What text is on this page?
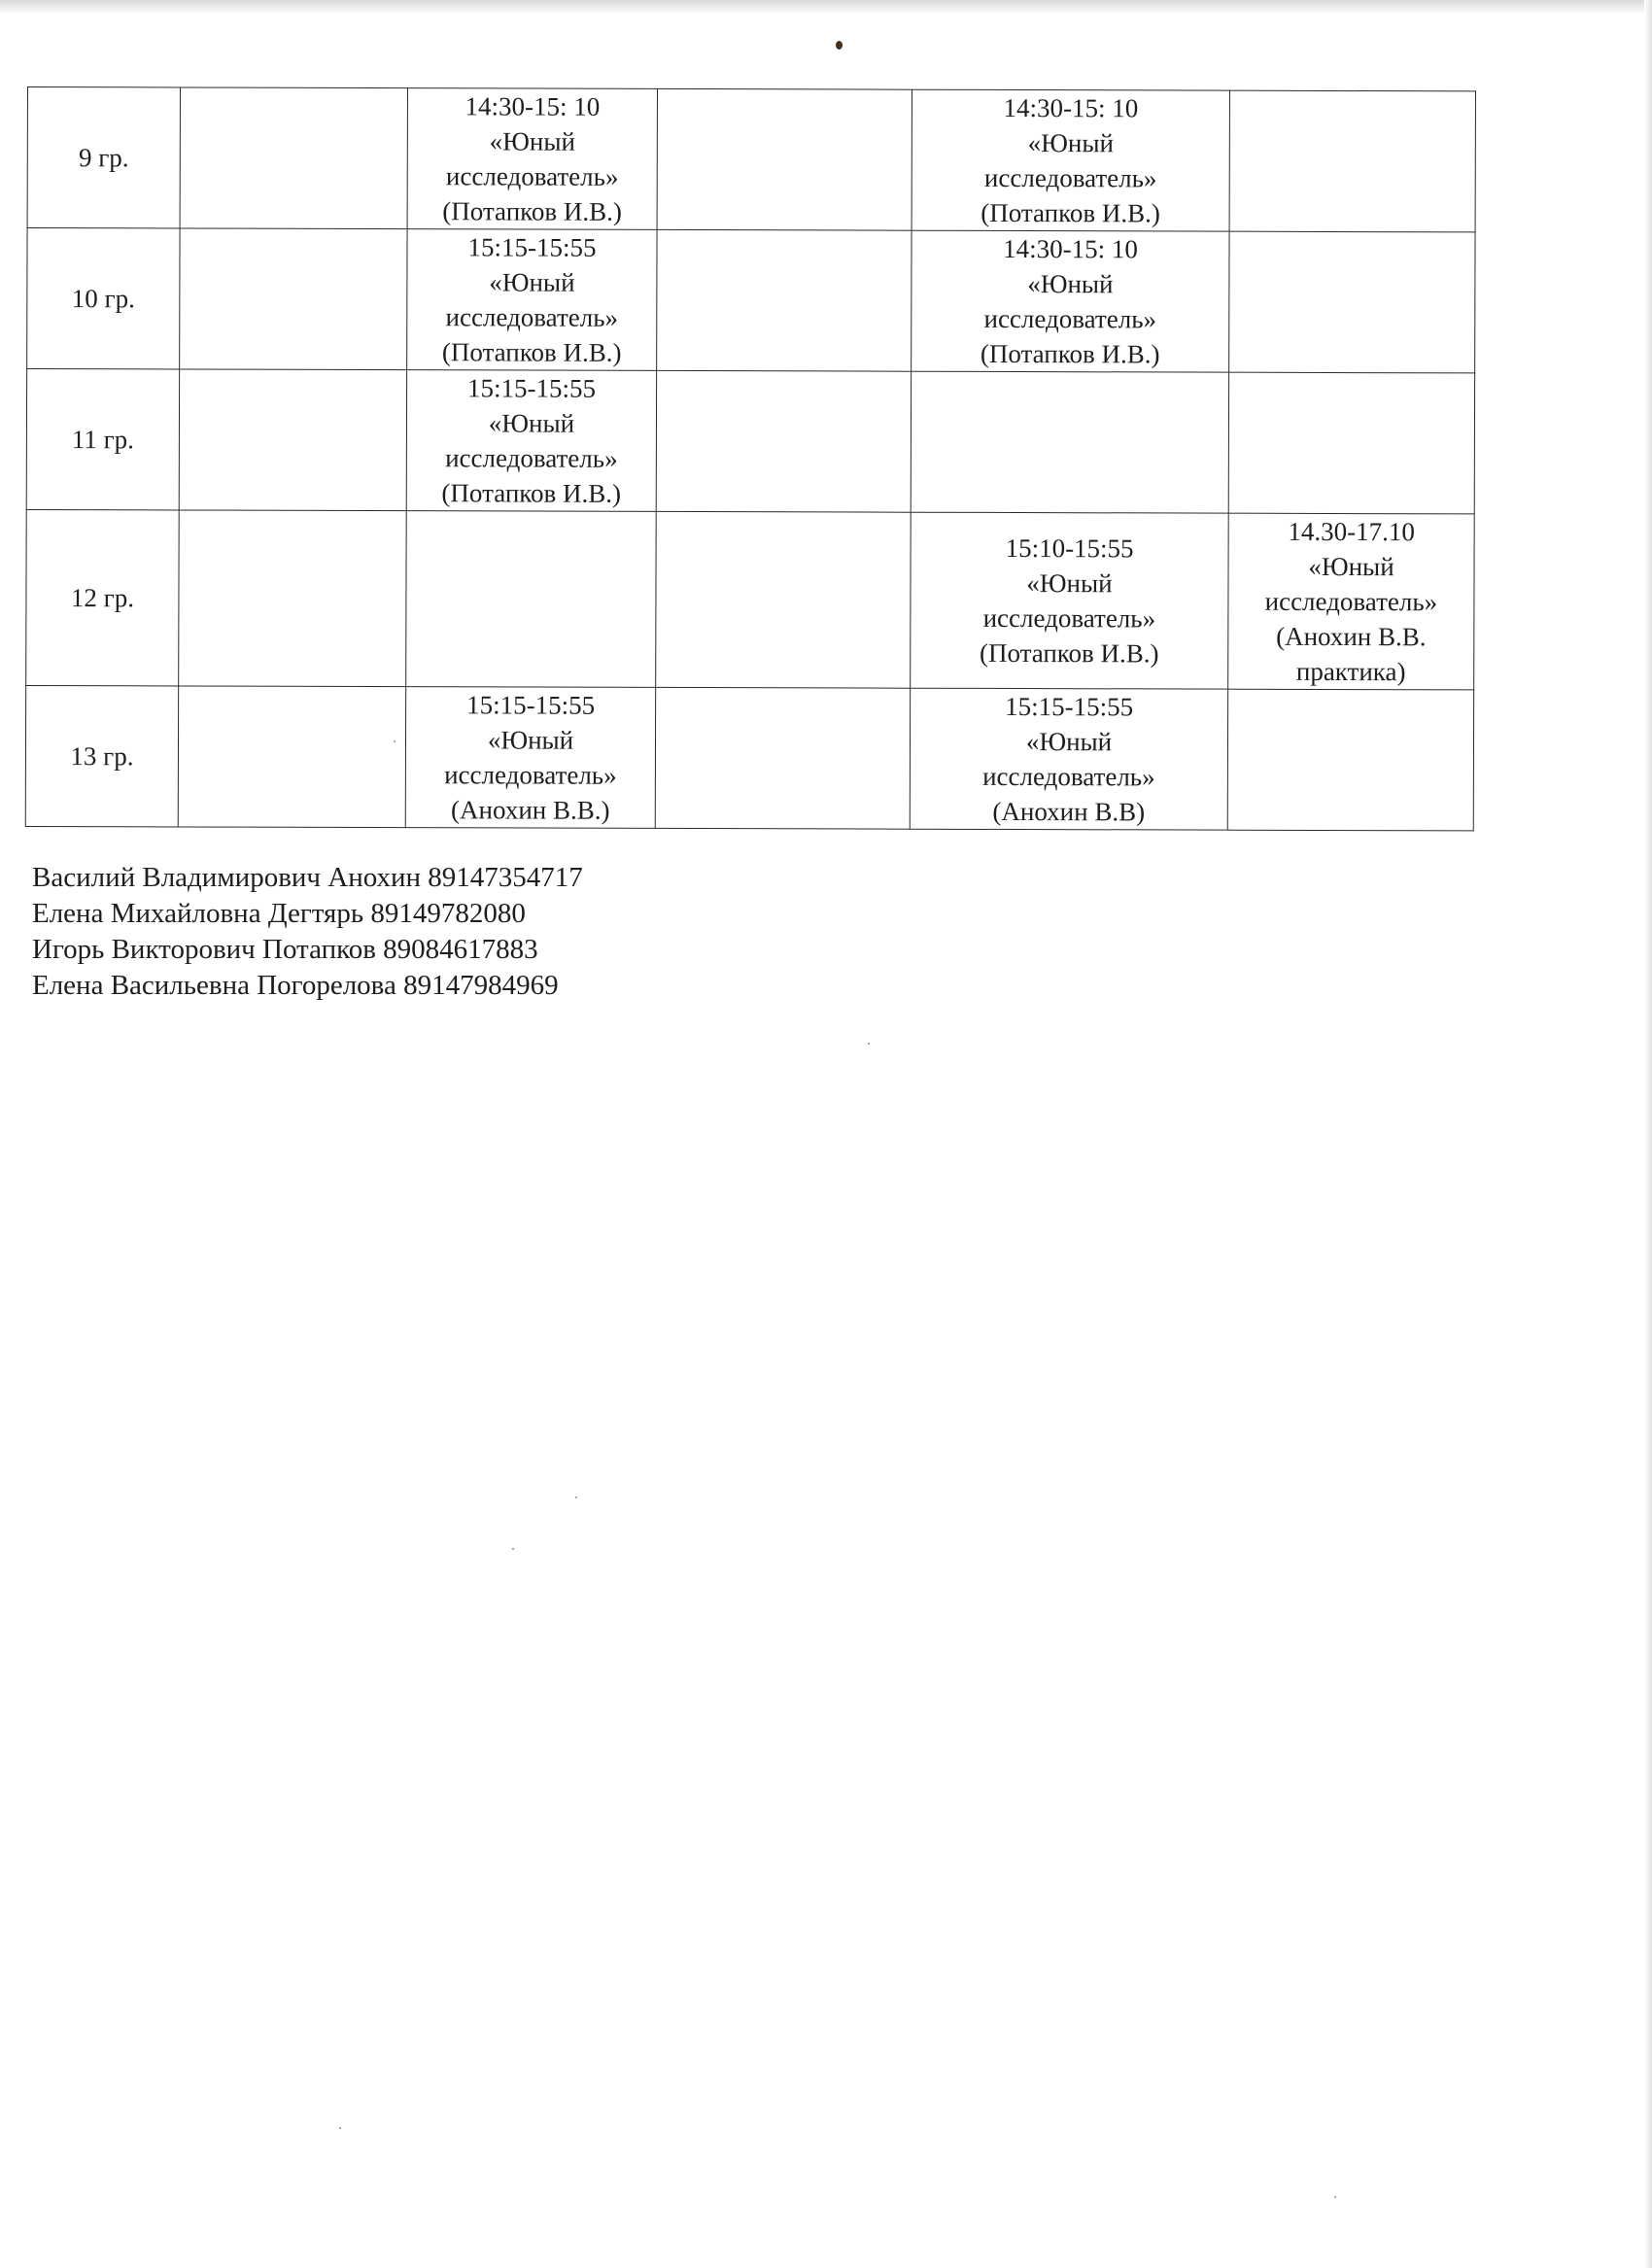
9 гр.		14:30-15: 10
«Юный
исследователь»
(Потапков И.В.)		14:30-15: 10
«Юный
исследователь»
(Потапков И.В.)	

10 гр.		15:15-15:55
«Юный
исследователь»
(Потапков И.В.)		14:30-15: 10
«Юный
исследователь»
(Потапков И.В.)	

11 гр.		15:15-15:55
«Юный
исследователь»
(Потапков И.В.)			

12 гр.				15:10-15:55
«Юный
исследователь»
(Потапков И.В.)	14.30-17.10
«Юный
исследователь»
(Анохин В.В.
практика)

13 гр.		15:15-15:55
«Юный
исследователь»
(Анохин В.В.)		15:15-15:55
«Юный
исследователь»
(Анохин В.В)	

Василий Владимирович Анохин 89147354717
Елена Михайловна Дегтярь 89149782080
Игорь Викторович Потапков 89084617883
Елена Васильевна Погорелова 89147984969
